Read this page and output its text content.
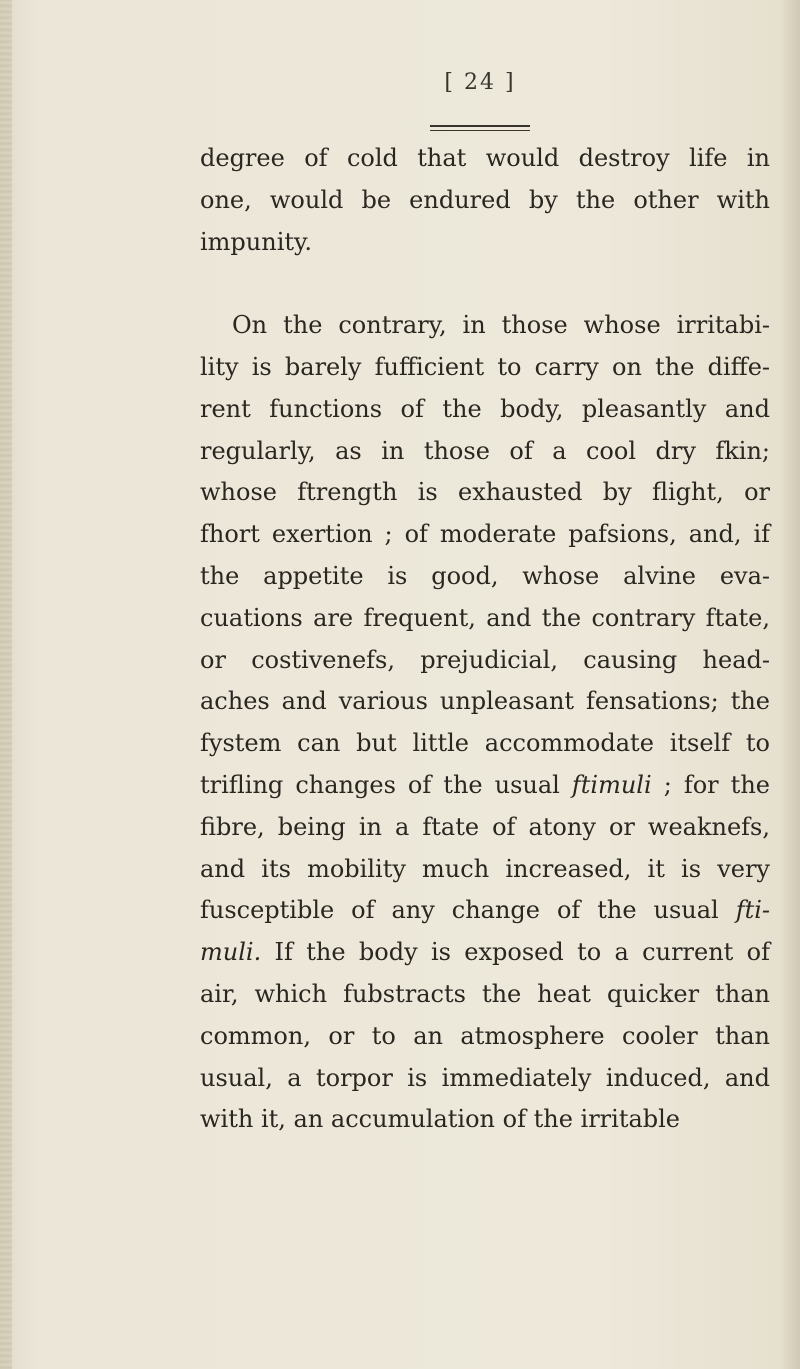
[ 24 ]
degree of cold that would destroy life in
one, would be endured by the other with
impunity.
On the contrary, in those whose irritabi-
lity is barely fufficient to carry on the diffe-
rent functions of the body, pleasantly and
regularly, as in those of a cool dry fkin;
whose ftrength is exhausted by flight, or
fhort exertion ; of moderate pafsions, and, if
the appetite is good, whose alvine eva-
cuations are frequent, and the contrary ftate,
or costivenefs, prejudicial, causing head-
aches and various unpleasant fensations; the
fystem can but little accommodate itself to
trifling changes of the usual ftimuli ; for the
fibre, being in a ftate of atony or weaknefs,
and its mobility much increased, it is very
fusceptible of any change of the usual fti-
muli. If the body is exposed to a current of
air, which fubstracts the heat quicker than
common, or to an atmosphere cooler than
usual, a torpor is immediately induced, and
with it, an accumulation of the irritable
